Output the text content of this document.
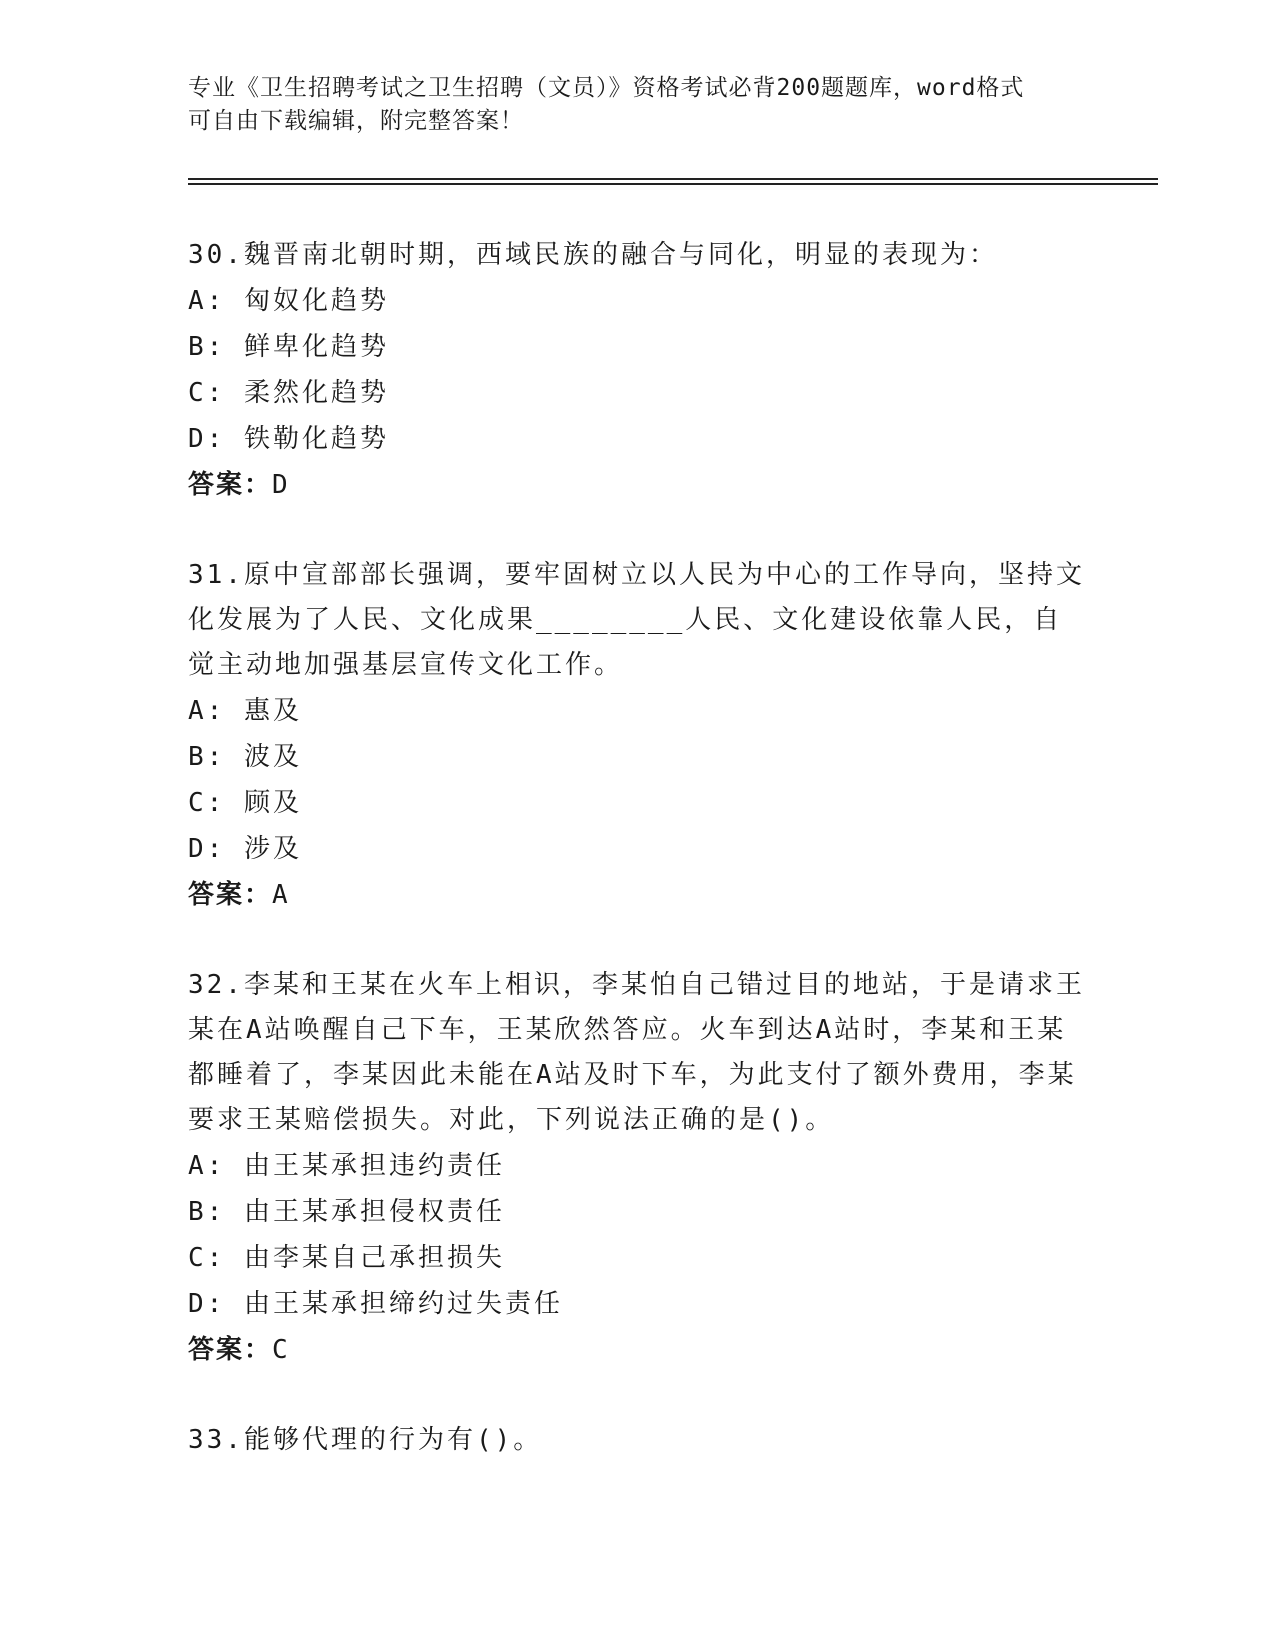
专业《卫生招聘考试之卫生招聘（文员）》资格考试必背200题题库，word格式
可自由下载编辑，附完整答案！
30.魏晋南北朝时期，西域民族的融合与同化，明显的表现为：
A: 匈奴化趋势
B: 鲜卑化趋势
C: 柔然化趋势
D: 铁勒化趋势
答案：D
31.原中宣部部长强调，要牢固树立以人民为中心的工作导向，坚持文化发展为了人民、文化成果________人民、文化建设依靠人民，自觉主动地加强基层宣传文化工作。
A: 惠及
B: 波及
C: 顾及
D: 涉及
答案：A
32.李某和王某在火车上相识，李某怕自己错过目的地站，于是请求王某在A站唤醒自己下车，王某欣然答应。火车到达A站时，李某和王某都睡着了，李某因此未能在A站及时下车，为此支付了额外费用，李某要求王某赔偿损失。对此，下列说法正确的是()。
A: 由王某承担违约责任
B: 由王某承担侵权责任
C: 由李某自己承担损失
D: 由王某承担缔约过失责任
答案：C
33.能够代理的行为有()。
